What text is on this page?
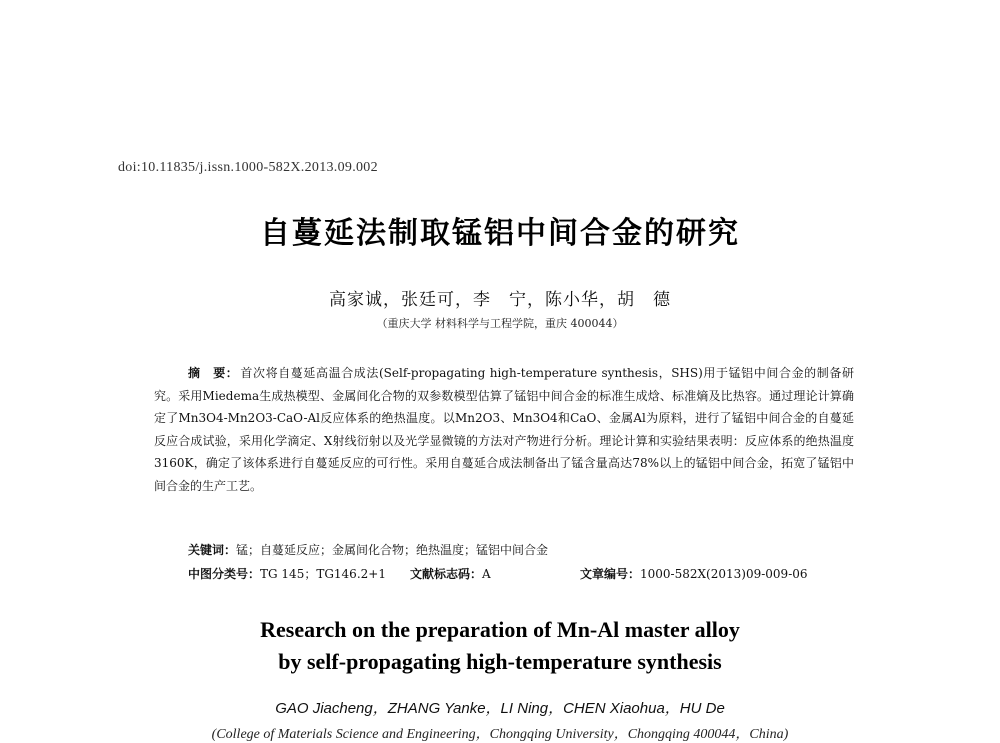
doi:10.11835/j.issn.1000-582X.2013.09.002
自蔓延法制取锰铝中间合金的研究
高家诚，张廷可，李　宁，陈小华，胡　德
（重庆大学 材料科学与工程学院，重庆 400044）

摘　要： 首次将自蔓延高温合成法(Self-propagating high-temperature synthesis，SHS)用于锰铝中间合金的制备研究。采用Miedema生成热模型、金属间化合物的双参数模型估算了锰铝中间合金的标准生成焓、标准熵及比热容。通过理论计算确定了Mn3O4-Mn2O3-CaO-Al反应体系的绝热温度。以Mn2O3、Mn3O4和CaO、金属Al为原料，进行了锰铝中间合金的自蔓延反应合成试验，采用化学滴定、X射线衍射以及光学显微镜的方法对产物进行分析。理论计算和实验结果表明：反应体系的绝热温度3160K，确定了该体系进行自蔓延反应的可行性。采用自蔓延合成法制备出了锰含量高达78%以上的锰铝中间合金，拓宽了锰铝中间合金的生产工艺。

关键词：锰；自蔓延反应；金属间化合物；绝热温度；锰铝中间合金
中图分类号：TG 145；TG146.2+1 文献标志码：A	文章编号：1000-582X(2013)09-009-06
Research on the preparation of Mn-Al master alloy
by self-propagating high-temperature synthesis
GAO Jiacheng，ZHANG Yanke，LI Ning，CHEN Xiaohua，HU De
(College of Materials Science and Engineering，Chongqing University，Chongqing 400044，China)
